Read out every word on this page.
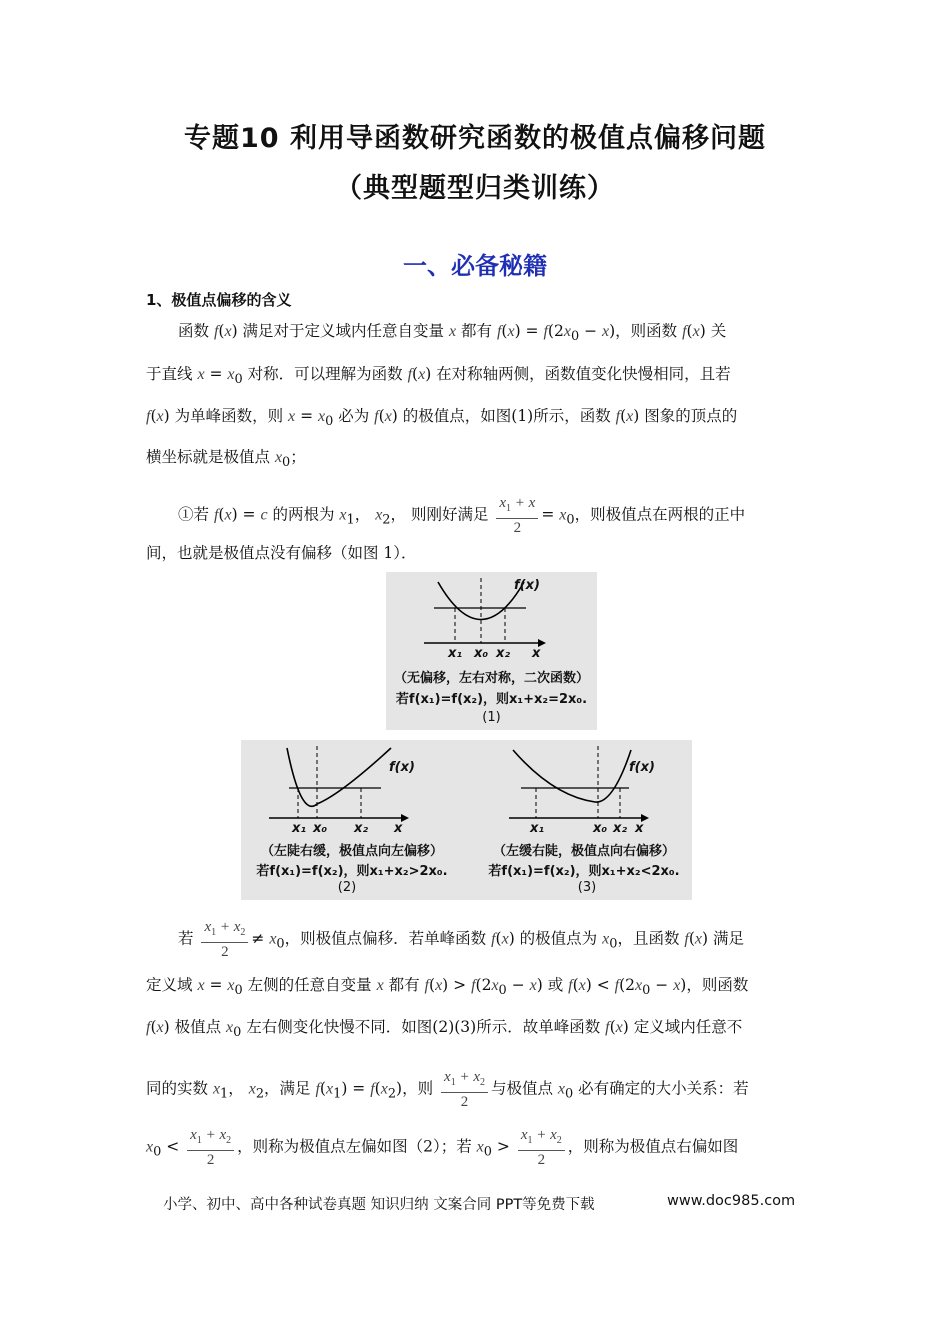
专题10 利用导函数研究函数的极值点偏移问题
（典型题型归类训练）
一、必备秘籍
1、极值点偏移的含义
函数 f(x) 满足对于定义域内任意自变量 x 都有 $f(x) = f(2x_0 - x)$，则函数 f(x) 关
于直线 $x = x_0$ 对称．可以理解为函数 f(x) 在对称轴两侧，函数值变化快慢相同，且若
f(x) 为单峰函数，则 $x = x_0$ 必为 f(x) 的极值点，如图(1)所示，函数 f(x) 图象的顶点的
横坐标就是极值点 $x_0$；
①若 f(x) = c 的两根为 $x_1$， $x_2$， 则刚好满足 $\frac{x_1 + x}{2} = x_0$，则极值点在两根的正中
间，也就是极值点没有偏移（如图 1）．
f(x)
x₁ x₀ x₂ x
（无偏移，左右对称，二次函数）
若f(x₁)=f(x₂)，则x₁+x₂=2x₀.
(1)
f(x)
x₁ x₀ x₂ x
（左陡右缓，极值点向左偏移）
若f(x₁)=f(x₂)，则x₁+x₂>2x₀.
(2)
f(x)
x₁	x₀ x₂ x
（左缓右陡，极值点向右偏移）
若f(x₁)=f(x₂)，则x₁+x₂<2x₀.
(3)
若 $\frac{x_1 + x_2}{2} \ne x_0$，则极值点偏移．若单峰函数 f(x) 的极值点为 $x_0$，且函数 f(x) 满足
定义域 $x = x_0$ 左侧的任意自变量 x 都有 $f(x) > f(2x_0 - x)$ 或 $f(x) < f(2x_0 - x)$，则函数
f(x) 极值点 $x_0$ 左右侧变化快慢不同．如图(2)(3)所示．故单峰函数 f(x) 定义域内任意不
同的实数 $x_1$， $x_2$，满足 $f(x_1) = f(x_2)$，则 $\frac{x_1 + x_2}{2}$ 与极值点 $x_0$ 必有确定的大小关系：若
$x_0 < \frac{x_1 + x_2}{2}$ ，则称为极值点左偏如图（2）；若 $x_0 > \frac{x_1 + x_2}{2}$ ，则称为极值点右偏如图
小学、初中、高中各种试卷真题 知识归纳 文案合同 PPT等免费下载	www.doc985.com
